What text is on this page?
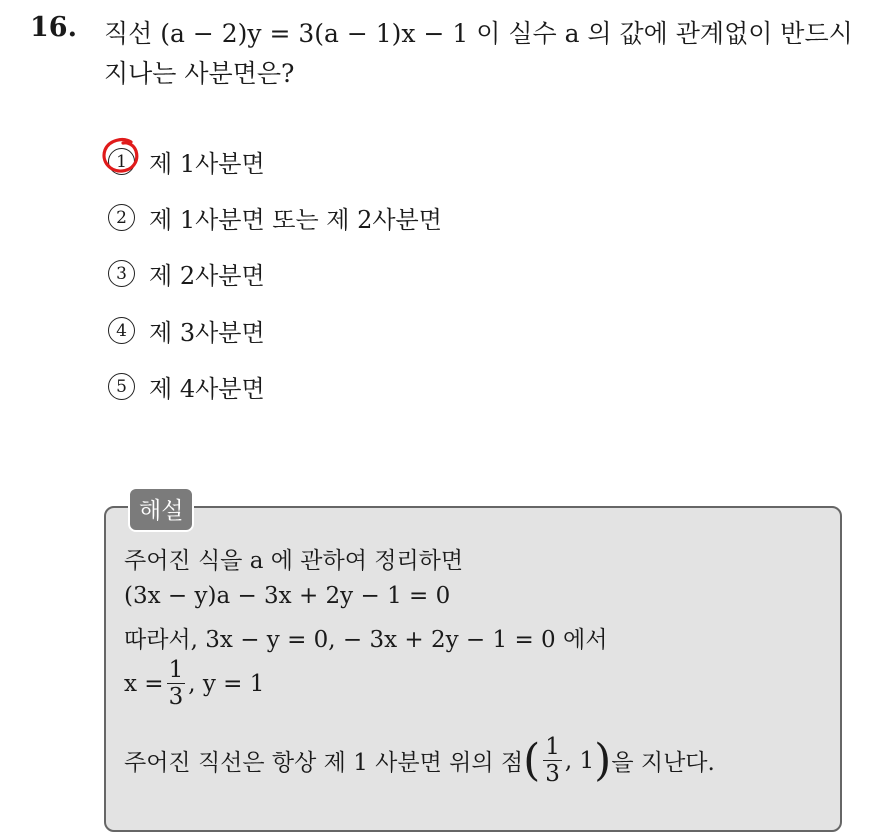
16. 직선 (a − 2)y = 3(a − 1)x − 1 이 실수 a 의 값에 관계없이 반드시
지나는 사분면은?
1 제 1사분면
2 제 1사분면 또는 제 2사분면
3 제 2사분면
4 제 3사분면
5 제 4사분면
해설
주어진 식을 a 에 관하여 정리하면
(3x − y)a − 3x + 2y − 1 = 0
따라서, 3x − y = 0, − 3x + 2y − 1 = 0 에서
$x = \frac{1}{3}$ , y = 1
주어진 직선은 항상 제 1 사분면 위의 점 ( $\frac{1}{3}$ , 1 ) 을 지난다.
